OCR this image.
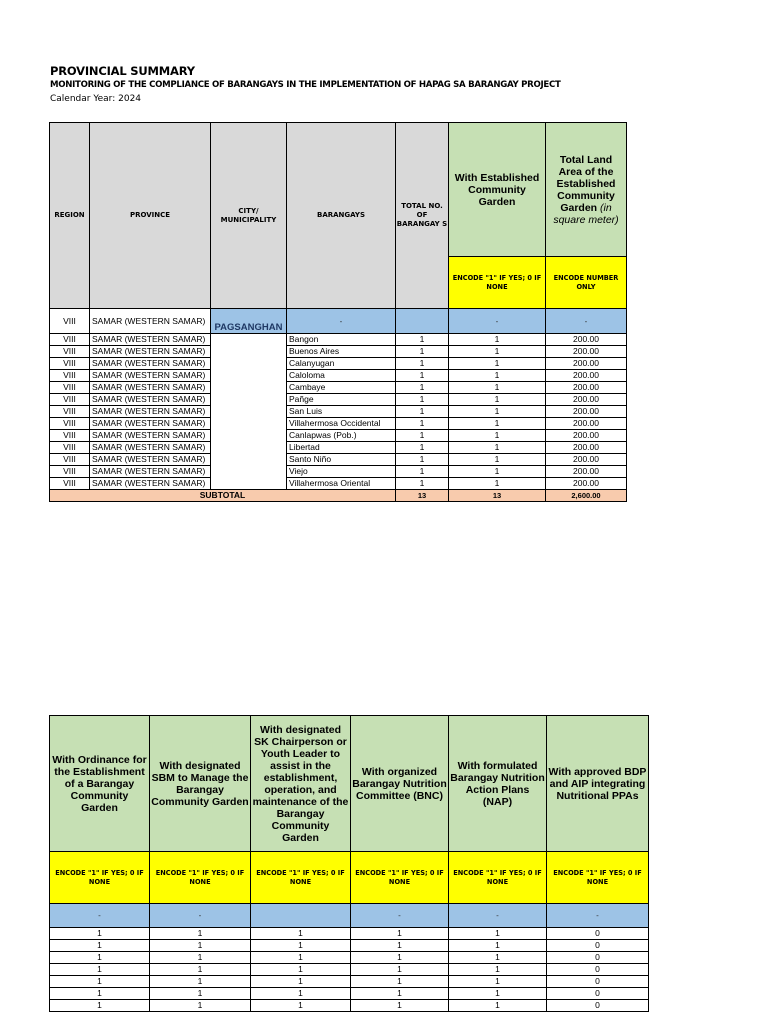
PROVINCIAL SUMMARY
MONITORING OF THE COMPLIANCE OF BARANGAYS IN THE IMPLEMENTATION OF HAPAG SA BARANGAY PROJECT
Calendar Year: 2024
REGION	PROVINCE	CITY/ MUNICIPALITY	BARANGAYS	TOTAL NO. OF BARANGAY S	With Established Community Garden	Total Land Area of the Established Community Garden (in square meter)
					ENCODE "1" IF YES; 0 IF NONE	ENCODE NUMBER ONLY
VIII	SAMAR (WESTERN SAMAR)	PAGSANGHAN	-		-	-
VIII	SAMAR (WESTERN SAMAR)		Bangon	1	1	200.00
VIII	SAMAR (WESTERN SAMAR)		Buenos Aires	1	1	200.00
VIII	SAMAR (WESTERN SAMAR)		Calanyugan	1	1	200.00
VIII	SAMAR (WESTERN SAMAR)		Caloloma	1	1	200.00
VIII	SAMAR (WESTERN SAMAR)		Cambaye	1	1	200.00
VIII	SAMAR (WESTERN SAMAR)		Pañge	1	1	200.00
VIII	SAMAR (WESTERN SAMAR)		San Luis	1	1	200.00
VIII	SAMAR (WESTERN SAMAR)		Villahermosa Occidental	1	1	200.00
VIII	SAMAR (WESTERN SAMAR)		Canlapwas (Pob.)	1	1	200.00
VIII	SAMAR (WESTERN SAMAR)		Libertad	1	1	200.00
VIII	SAMAR (WESTERN SAMAR)		Santo Niño	1	1	200.00
VIII	SAMAR (WESTERN SAMAR)		Viejo	1	1	200.00
VIII	SAMAR (WESTERN SAMAR)		Villahermosa Oriental	1	1	200.00
SUBTOTAL				13	13	2,600.00
With Ordinance for the Establishment of a Barangay Community Garden	With designated SBM to Manage the Barangay Community Garden	With designated SK Chairperson or Youth Leader to assist in the establishment, operation, and maintenance of the Barangay Community Garden	With organized Barangay Nutrition Committee (BNC)	With formulated Barangay Nutrition Action Plans (NAP)	With approved BDP and AIP integrating Nutritional PPAs
ENCODE "1" IF YES; 0 IF NONE	ENCODE "1" IF YES; 0 IF NONE	ENCODE "1" IF YES; 0 IF NONE	ENCODE "1" IF YES; 0 IF NONE	ENCODE "1" IF YES; 0 IF NONE	ENCODE "1" IF YES; 0 IF NONE
-	-		-	-	-
1	1	1	1	1	0
1	1	1	1	1	0
1	1	1	1	1	0
1	1	1	1	1	0
1	1	1	1	1	0
1	1	1	1	1	0
1	1	1	1	1	0
